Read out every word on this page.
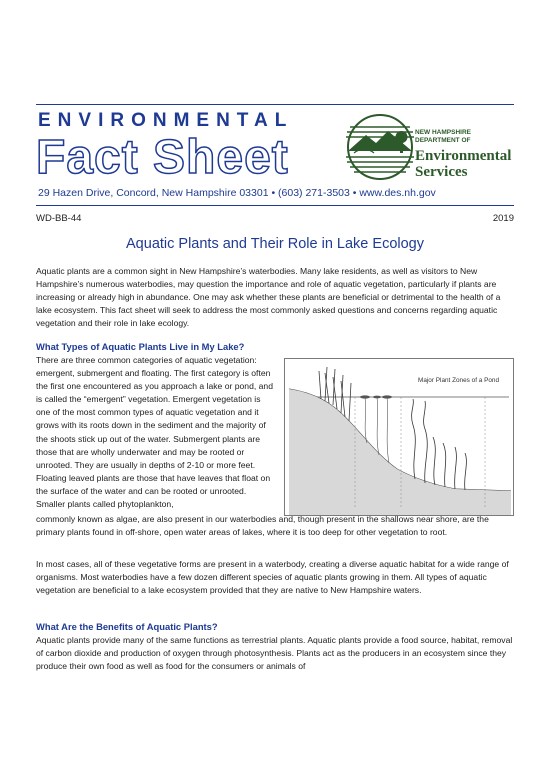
ENVIRONMENTAL
Fact Sheet
29 Hazen Drive, Concord, New Hampshire 03301 • (603) 271-3503 • www.des.nh.gov
NEW HAMPSHIRE
DEPARTMENT OF
Environmental
Services
WD-BB-44	2019
Aquatic Plants and Their Role in Lake Ecology

Aquatic plants are a common sight in New Hampshire’s waterbodies. Many lake residents, as well as visitors to New Hampshire’s numerous waterbodies, may question the importance and role of aquatic vegetation, particularly if plants are increasing or already high in abundance. One may ask whether these plants are beneficial or detrimental to the health of a lake ecosystem. This fact sheet will seek to address the most commonly asked questions and concerns regarding aquatic vegetation and their role in lake ecology.

What Types of Aquatic Plants Live in My Lake?

There are three common categories of aquatic vegetation: emergent, submergent and floating. The first category is often the first one encountered as you approach a lake or pond, and is called the “emergent” vegetation. Emergent vegetation is one of the most common types of aquatic vegetation and it grows with its roots down in the sediment and the majority of the shoots stick up out of the water. Submergent plants are those that are wholly underwater and may be rooted or unrooted. They are usually in depths of 2-10 or more feet. Floating leaved plants are those that have leaves that float on the surface of the water and can be rooted or unrooted. Smaller plants called phytoplankton,

Major Plant Zones of a Pond

commonly known as algae, are also present in our waterbodies and, though present in the shallows near shore, are the primary plants found in off-shore, open water areas of lakes, where it is too deep for other vegetation to root.

In most cases, all of these vegetative forms are present in a waterbody, creating a diverse aquatic habitat for a wide range of organisms. Most waterbodies have a few dozen different species of aquatic plants growing in them. All types of aquatic vegetation are beneficial to a lake ecosystem provided that they are native to New Hampshire waters.

What Are the Benefits of Aquatic Plants?

Aquatic plants provide many of the same functions as terrestrial plants. Aquatic plants provide a food source, habitat, removal of carbon dioxide and production of oxygen through photosynthesis. Plants act as the producers in an ecosystem since they produce their own food as well as food for the consumers or animals of
